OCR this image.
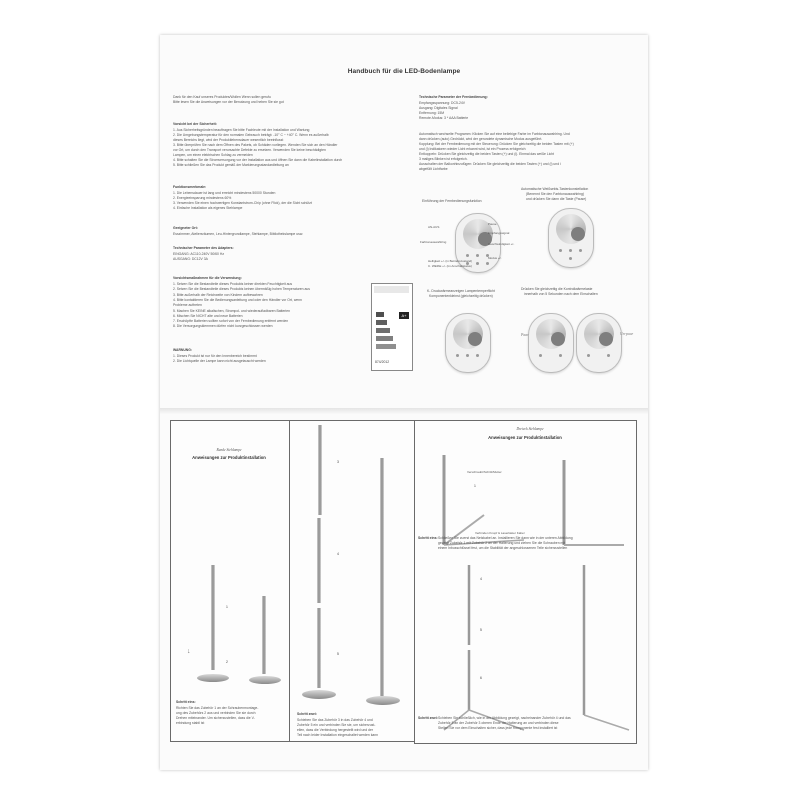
Handbuch für die LED-Bodenlampe
Dank für den Kauf unseres Produktes/Wollen Wenn sollen gerufu
Bitte lesen Sie die Anweisungen vor der Benutzung und heben Sie sie gut
Vorsicht bei der Sicherheit:
1. Aus Sicherheitsgründen beauftragen Sie bitte Fachleute mit der Installation und Wartung
2. Die Umgebungstemperatur für den normalen Gebrauch beträgt: -10° C ~ +40° C. Wenn es außerhalb
dieses Bereichs liegt, wird der Produktlebensdauer wesentlich beeinflusst
3. Bitte überprüfen Sie nach dem Öffnen des Pakets, ob Schäden vorliegen. Wenden Sie sich an den Händler
vor Ort, um durch den Transport verursachte Defekte zu ersetzen. Verwenden Sie keine beschädigten
Lampen, um einen elektrischen Schlag zu vermeiden
4. Bitte schalten Sie die Stromversorgung vor der Installation aus und öffnen Sie dann die Kabelinstallation durch
5. Bitte schließen Sie das Produkt gemäß der Markierungsstandardleitung an
Funktionsmerkmale:
1. Die Lebensdauer ist lang und erreicht mindestens 50000 Stunden
2. Energieeinsparung mindestens 60%
3. Verwenden Sie einen hochwertigen Konstantstrom-Chip (ohne Flick), der die Sicht schützt
4. Einfache Installation als eigenes Stehlampe
Geeigneter Ort:
Esszimmer, Ateliersräumen, Leu-Hintergrundlampe, Stehlampe, Bibliothekslampe usw.
Technischer Parameter des Adapters:
EINGANG: AC110-240V 50/60 Hz
AUSGANG: DC12V 3A
Vorsichtsmaßnahmen für die Verwendung:
1. Setzen Sie die Bestandteile dieses Produkts keiner direkten Feuchtigkeit aus
2. Setzen Sie die Bestandteile dieses Produkts keinen übermäßig hohen Temperaturen aus
3. Bitte außerhalb der Reichweite von Kindern aufbewahren
4. Bitte kontaktieren Sie die Bedienungsanleitung und oder den Händler vor Ort, wenn
Probleme auftreten
5. Machen Sie KEINE alkalischen, Strompol- und wiederaufladbaren Batterien
6. Mischen Sie NICHT alte und neue Batterien
7. Erschöpfte Batterien sollten sofort von der Fernbedienung entfernt werden
8. Die Versorgungsklemmen dürfen nicht kurzgeschlossen werden
WARNUNG:
1. Dieses Produkt ist nur für den Innenbereich bestimmt
2. Die Lichtquelle der Lampe kann nicht ausgetauscht werden
A+
874/2012
Technische Parameter der Fernbedienung:
Empfangsspannung: DC5-24V
Ausgang: Digitales Signal
Entfernung: 15M
Remote-Modus: 3 * AAA Batterie
Automatisch wechselte Programm: Klicken Sie auf eine beliebige Farbe im Farbtonauswahlring. Und
dann drücken (auto) Gedrückt, wird der gerundete dynamische Modus ausgeführt.
Kopplung: Bei der Fernbedienung mit der Steuerung: Drücken Sie gleichzeitig die beiden Tasten mit (+)
und (i) Indikatoren wieder Licht erkannt wird, ist ein Prozess erfolgreich
Entkoppeln: Drücken Sie gleichzeitig die beiden Tasten (+) und (i). Einmal das weiße Licht
3 maliges Blinken ist erfolgreich.
Ausschalten der Balkonhinzufügen: Drücken Sie gleichzeitig die beiden Tasten (+) und (i) und i
abgefüllt Lichtfarbe
Einführung der Fernbedienungsfunktion
AN-AUS
Pause
Empfangssignal
Farbtonauswahlring	Geschwindigkeit +/-
Modus +/-
Helligkeit +/- (in Betriebszustand)
C. WEIßE +/- (im Anschaltstatus)
Automatische Weißsekts-Tastenkonstellation
(Benennt Sie den Farbtonauswahlring)
und drücken Sie dann die Taste (Pause)
K- Druckwärmeanzeigen Lampentemperflicht
Komponentenkleinst (gleichzeitig drücken)
Drücken Sie gleichzeitig die Kontrollwärmelaste
innerhalb von 5 Sekunden nach dem Einschalten
Paar	Un-paar
Runde Stehlampe
Anweisungen zur Produktinstallation
1
2
↓
Schritt eins:
Richten Sie das Zubehör 1 an der Schraubenmontage-
ung des Zubehörs 2 aus und verbinden Sie sie durch
Drehen miteinander. Um sicherzustellen, dass die V-
erbindung stabil ist
3
4
5
Schritt zwei:
Schieben Sie das Zubehör 3 in das Zubehör 4 und
Zubehör 5 ein und verbinden Sie sie, um sicherzust-
ellen, dass die Verbindung hergestellt wird und der
Teil nach leider Installation eingeschaltet werden kann
Dreieck Stehlampe
Anweisungen zur Produktinstallation
Verschraubt/Schritt/Mutter
Verbinden Knopf & Lasertäster Kabel
1
4
5
6
Schritt eins: Schließen Sie zuerst das Netzkabel an. Installieren Sie dann wie in der unteren Abbildung
gezeigt Zubehör 1 mit Zubehör 2 an der Halterung und ziehen Sie die Schrauben mit
einem Inbusschlüssel fest, um die Stabilität der angeschlossenen Teile sicherzustellen
Schritt zwei: Schieben Sie schließlich, wie in der Abbildung gezeigt, nacheinander Zubehör 4 und das
Zubehör 5 an der Zubehör 3 oberen Ende der Halterung an und verbinden diese
Stellen Sie vor dem Einschalten sicher, dass jede Komponente fest installiert ist
